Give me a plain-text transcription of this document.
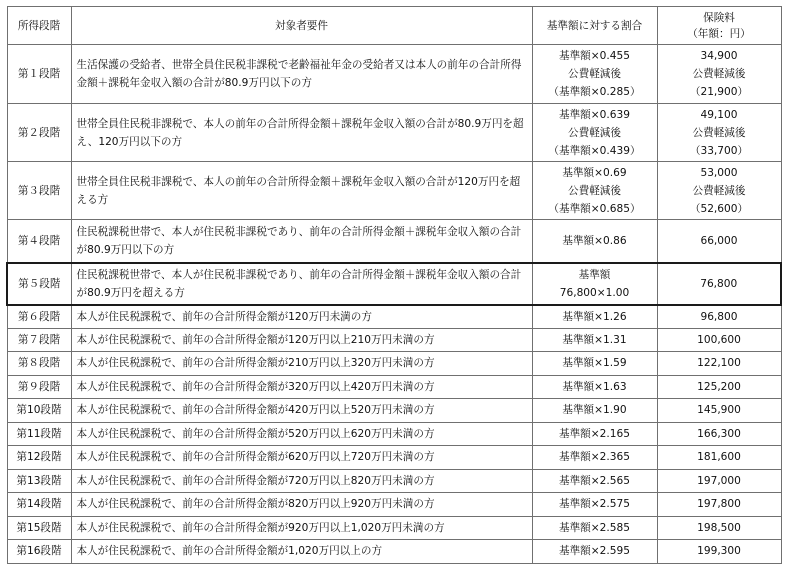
所得段階	対象者要件	基準額に対する割合	保険料
（年額：円）

第１段階	生活保護の受給者、世帯全員住民税非課税で老齢福祉年金の受給者又は本人の前年の合計所得金額＋課税年金収入額の合計が80.9万円以下の方	基準額×0.455
公費軽減後
（基準額×0.285）	34,900
公費軽減後
（21,900）

第２段階	世帯全員住民税非課税で、本人の前年の合計所得金額＋課税年金収入額の合計が80.9万円を超え、120万円以下の方	基準額×0.639
公費軽減後
（基準額×0.439）	49,100
公費軽減後
（33,700）

第３段階	世帯全員住民税非課税で、本人の前年の合計所得金額＋課税年金収入額の合計が120万円を超える方	基準額×0.69
公費軽減後
（基準額×0.685）	53,000
公費軽減後
（52,600）

第４段階	住民税課税世帯で、本人が住民税非課税であり、前年の合計所得金額＋課税年金収入額の合計が80.9万円以下の方	基準額×0.86	66,000
第５段階	住民税課税世帯で、本人が住民税非課税であり、前年の合計所得金額＋課税年金収入額の合計が80.9万円を超える方	基準額
76,800×1.00	76,800
第６段階	本人が住民税課税で、前年の合計所得金額が120万円未満の方	基準額×1.26	96,800
第７段階	本人が住民税課税で、前年の合計所得金額が120万円以上210万円未満の方	基準額×1.31	100,600
第８段階	本人が住民税課税で、前年の合計所得金額が210万円以上320万円未満の方	基準額×1.59	122,100
第９段階	本人が住民税課税で、前年の合計所得金額が320万円以上420万円未満の方	基準額×1.63	125,200
第10段階	本人が住民税課税で、前年の合計所得金額が420万円以上520万円未満の方	基準額×1.90	145,900
第11段階	本人が住民税課税で、前年の合計所得金額が520万円以上620万円未満の方	基準額×2.165	166,300
第12段階	本人が住民税課税で、前年の合計所得金額が620万円以上720万円未満の方	基準額×2.365	181,600
第13段階	本人が住民税課税で、前年の合計所得金額が720万円以上820万円未満の方	基準額×2.565	197,000
第14段階	本人が住民税課税で、前年の合計所得金額が820万円以上920万円未満の方	基準額×2.575	197,800
第15段階	本人が住民税課税で、前年の合計所得金額が920万円以上1,020万円未満の方	基準額×2.585	198,500
第16段階	本人が住民税課税で、前年の合計所得金額が1,020万円以上の方	基準額×2.595	199,300
